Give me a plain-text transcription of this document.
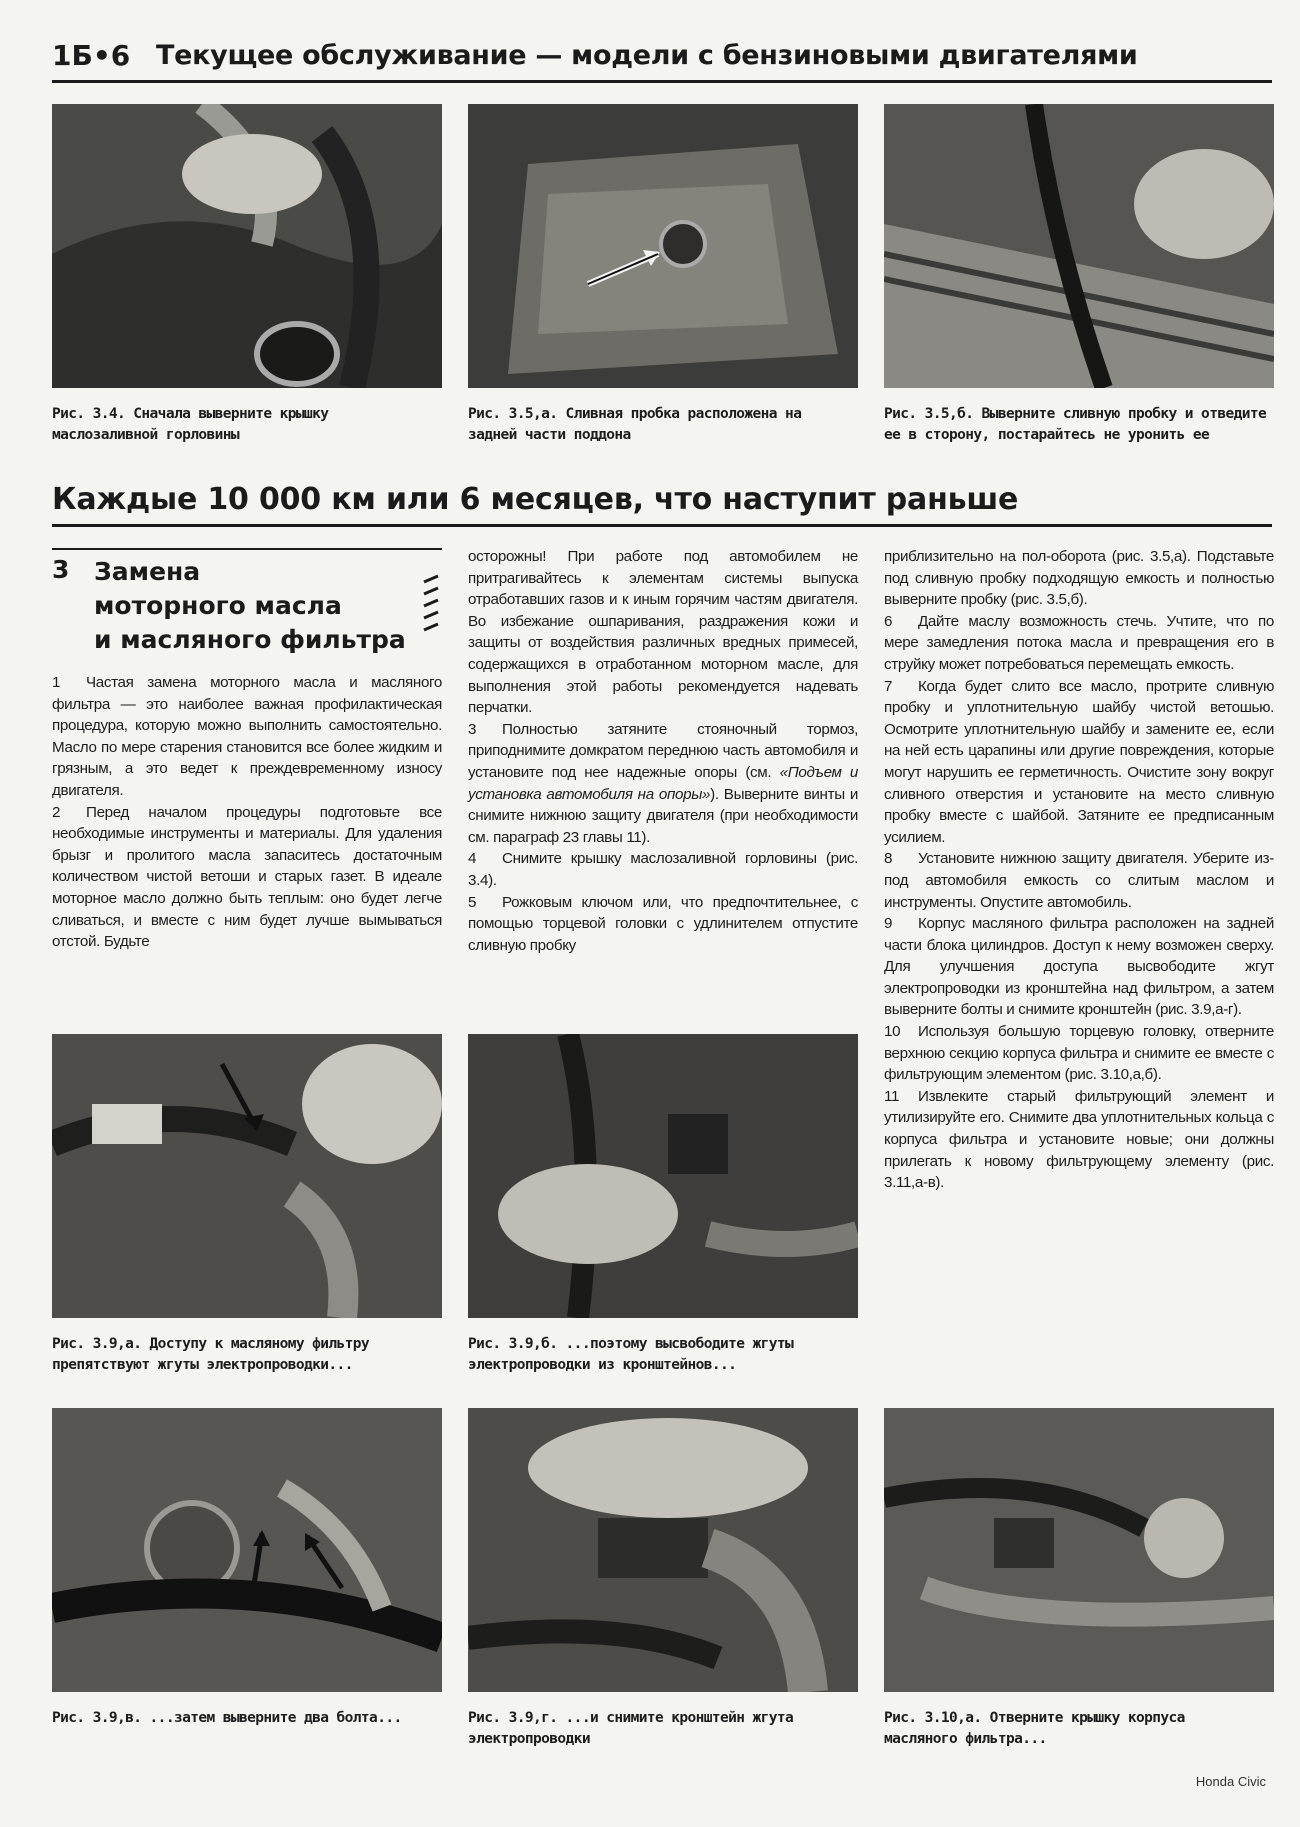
1Б•6 Текущее обслуживание — модели с бензиновыми двигателями
Рис. 3.4. Сначала выверните крышку
маслозаливной горловины
Рис. 3.5,а. Сливная пробка расположена на
задней части поддона
Рис. 3.5,б. Выверните сливную пробку и отведите
ее в сторону, постарайтесь не уронить ее
Каждые 10 000 км или 6 месяцев, что наступит раньше
3 Замена
моторного масла
и масляного фильтра

1 Частая замена моторного масла и масляного фильтра — это наиболее важная профилактическая процедура, которую можно выполнить самостоятельно. Масло по мере старения становится все более жидким и грязным, а это ведет к преждевременному износу двигателя.

2 Перед началом процедуры подготовьте все необходимые инструменты и материалы. Для удаления брызг и пролитого масла запаситесь достаточным количеством чистой ветоши и старых газет. В идеале моторное масло должно быть теплым: оно будет легче сливаться, и вместе с ним будет лучше вымываться отстой. Будьте

осторожны! При работе под автомобилем не притрагивайтесь к элементам системы выпуска отработавших газов и к иным горячим частям двигателя. Во избежание ошпаривания, раздражения кожи и защиты от воздействия различных вредных примесей, содержащихся в отработанном моторном масле, для выполнения этой работы рекомендуется надевать перчатки.

3 Полностью затяните стояночный тормоз, приподнимите домкратом переднюю часть автомобиля и установите под нее надежные опоры (см. «Подъем и установка автомобиля на опоры»). Выверните винты и снимите нижнюю защиту двигателя (при необходимости см. параграф 23 главы 11).

4 Снимите крышку маслозаливной горловины (рис. 3.4).

5 Рожковым ключом или, что предпочтительнее, с помощью торцевой головки с удлинителем отпустите сливную пробку

приблизительно на пол-оборота (рис. 3.5,а). Подставьте под сливную пробку подходящую емкость и полностью выверните пробку (рис. 3.5,б).

6 Дайте маслу возможность стечь. Учтите, что по мере замедления потока масла и превращения его в струйку может потребоваться перемещать емкость.

7 Когда будет слито все масло, протрите сливную пробку и уплотнительную шайбу чистой ветошью. Осмотрите уплотнительную шайбу и замените ее, если на ней есть царапины или другие повреждения, которые могут нарушить ее герметичность. Очистите зону вокруг сливного отверстия и установите на место сливную пробку вместе с шайбой. Затяните ее предписанным усилием.

8 Установите нижнюю защиту двигателя. Уберите из-под автомобиля емкость со слитым маслом и инструменты. Опустите автомобиль.

9 Корпус масляного фильтра расположен на задней части блока цилиндров. Доступ к нему возможен сверху. Для улучшения доступа высвободите жгут электропроводки из кронштейна над фильтром, а затем выверните болты и снимите кронштейн (рис. 3.9,а-г).

10 Используя большую торцевую головку, отверните верхнюю секцию корпуса фильтра и снимите ее вместе с фильтрующим элементом (рис. 3.10,а,б).

11 Извлеките старый фильтрующий элемент и утилизируйте его. Снимите два уплотнительных кольца с корпуса фильтра и установите новые; они должны прилегать к новому фильтрующему элементу (рис. 3.11,а-в).

Рис. 3.9,а. Доступу к масляному фильтру
препятствуют жгуты электропроводки...
Рис. 3.9,б. ...поэтому высвободите жгуты
электропроводки из кронштейнов...
Рис. 3.9,в. ...затем выверните два болта...	Рис. 3.9,г. ...и снимите кронштейн жгута
электропроводки
Рис. 3.10,а. Отверните крышку корпуса
масляного фильтра...
Honda Civic
